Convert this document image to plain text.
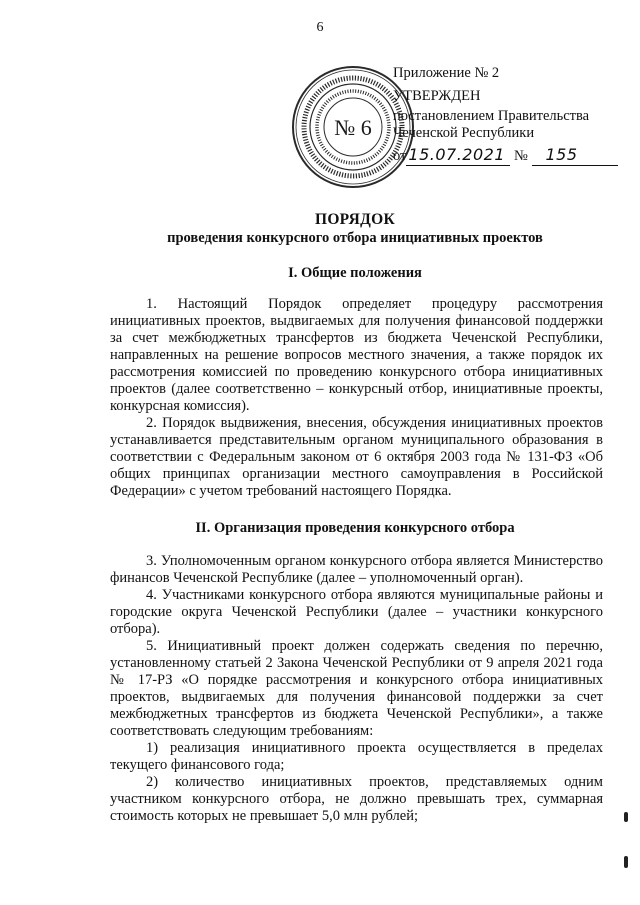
6
№ 6
Приложение № 2
УТВЕРЖДЕН
постановлением Правительства
Чеченской Республики
от 15.07.2021 № 155
ПОРЯДОК
проведения конкурсного отбора инициативных проектов
I. Общие положения

1. Настоящий Порядок определяет процедуру рассмотрения инициативных проектов, выдвигаемых для получения финансовой поддержки за счет межбюджетных трансфертов из бюджета Чеченской Республики, направленных на решение вопросов местного значения, а также порядок их рассмотрения комиссией по проведению конкурсного отбора инициативных проектов (далее соответственно – конкурсный отбор, инициативные проекты, конкурсная комиссия).

2. Порядок выдвижения, внесения, обсуждения инициативных проектов устанавливается представительным органом муниципального образования в соответствии с Федеральным законом от 6 октября 2003 года № 131-ФЗ «Об общих принципах организации местного самоуправления в Российской Федерации» с учетом требований настоящего Порядка.

II. Организация проведения конкурсного отбора

3. Уполномоченным органом конкурсного отбора является Министерство финансов Чеченской Республике (далее – уполномоченный орган).

4. Участниками конкурсного отбора являются муниципальные районы и городские округа Чеченской Республики (далее – участники конкурсного отбора).

5. Инициативный проект должен содержать сведения по перечню, установленному статьей 2 Закона Чеченской Республики от 9 апреля 2021 года № 17-РЗ «О порядке рассмотрения и конкурсного отбора инициативных проектов, выдвигаемых для получения финансовой поддержки за счет межбюджетных трансфертов из бюджета Чеченской Республики», а также соответствовать следующим требованиям:

1) реализация инициативного проекта осуществляется в пределах текущего финансового года;

2) количество инициативных проектов, представляемых одним участником конкурсного отбора, не должно превышать трех, суммарная стоимость которых не превышает 5,0 млн рублей;
